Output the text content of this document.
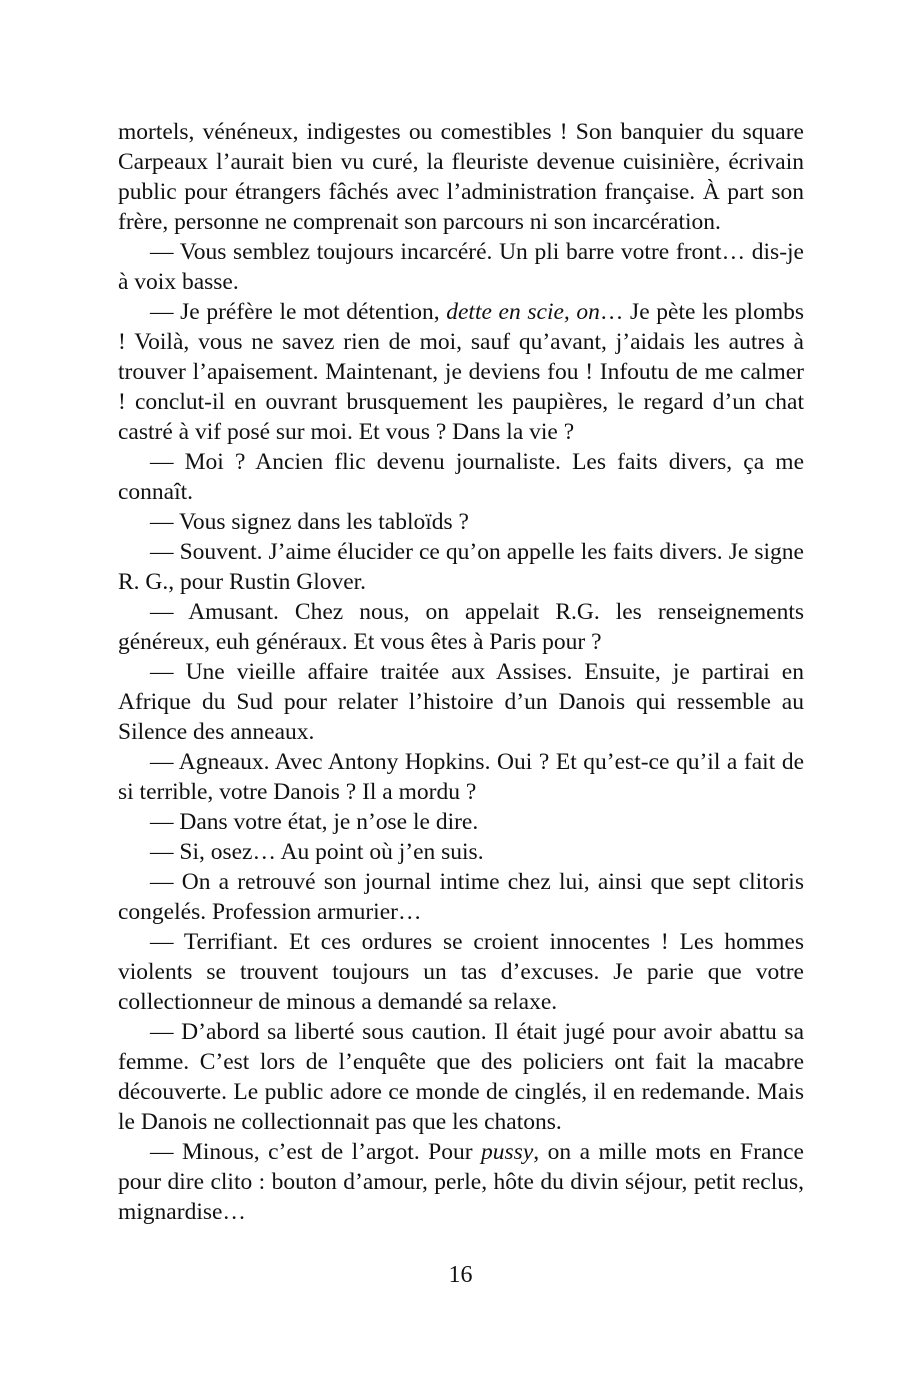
mortels, vénéneux, indigestes ou comestibles ! Son banquier du square Carpeaux l’aurait bien vu curé, la fleuriste devenue cuisinière, écrivain public pour étrangers fâchés avec l’administration française. À part son frère, personne ne comprenait son parcours ni son incarcération.

— Vous semblez toujours incarcéré. Un pli barre votre front… dis-je à voix basse.

— Je préfère le mot détention, dette en scie, on… Je pète les plombs ! Voilà, vous ne savez rien de moi, sauf qu’avant, j’aidais les autres à trouver l’apaisement. Maintenant, je deviens fou ! Infoutu de me calmer ! conclut-il en ouvrant brusquement les paupières, le regard d’un chat castré à vif posé sur moi. Et vous ? Dans la vie ?

— Moi ? Ancien flic devenu journaliste. Les faits divers, ça me connaît.

— Vous signez dans les tabloïds ?

— Souvent. J’aime élucider ce qu’on appelle les faits divers. Je signe R. G., pour Rustin Glover.

— Amusant. Chez nous, on appelait R.G. les renseignements généreux, euh généraux. Et vous êtes à Paris pour ?

— Une vieille affaire traitée aux Assises. Ensuite, je partirai en Afrique du Sud pour relater l’histoire d’un Danois qui ressemble au Silence des anneaux.

— Agneaux. Avec Antony Hopkins. Oui ? Et qu’est-ce qu’il a fait de si terrible, votre Danois ? Il a mordu ?

— Dans votre état, je n’ose le dire.

— Si, osez… Au point où j’en suis.

— On a retrouvé son journal intime chez lui, ainsi que sept clitoris congelés. Profession armurier…

— Terrifiant. Et ces ordures se croient innocentes ! Les hommes violents se trouvent toujours un tas d’excuses. Je parie que votre collectionneur de minous a demandé sa relaxe.

— D’abord sa liberté sous caution. Il était jugé pour avoir abattu sa femme. C’est lors de l’enquête que des policiers ont fait la macabre découverte. Le public adore ce monde de cinglés, il en redemande. Mais le Danois ne collectionnait pas que les chatons.

— Minous, c’est de l’argot. Pour pussy, on a mille mots en France pour dire clito : bouton d’amour, perle, hôte du divin séjour, petit reclus, mignardise…

16
